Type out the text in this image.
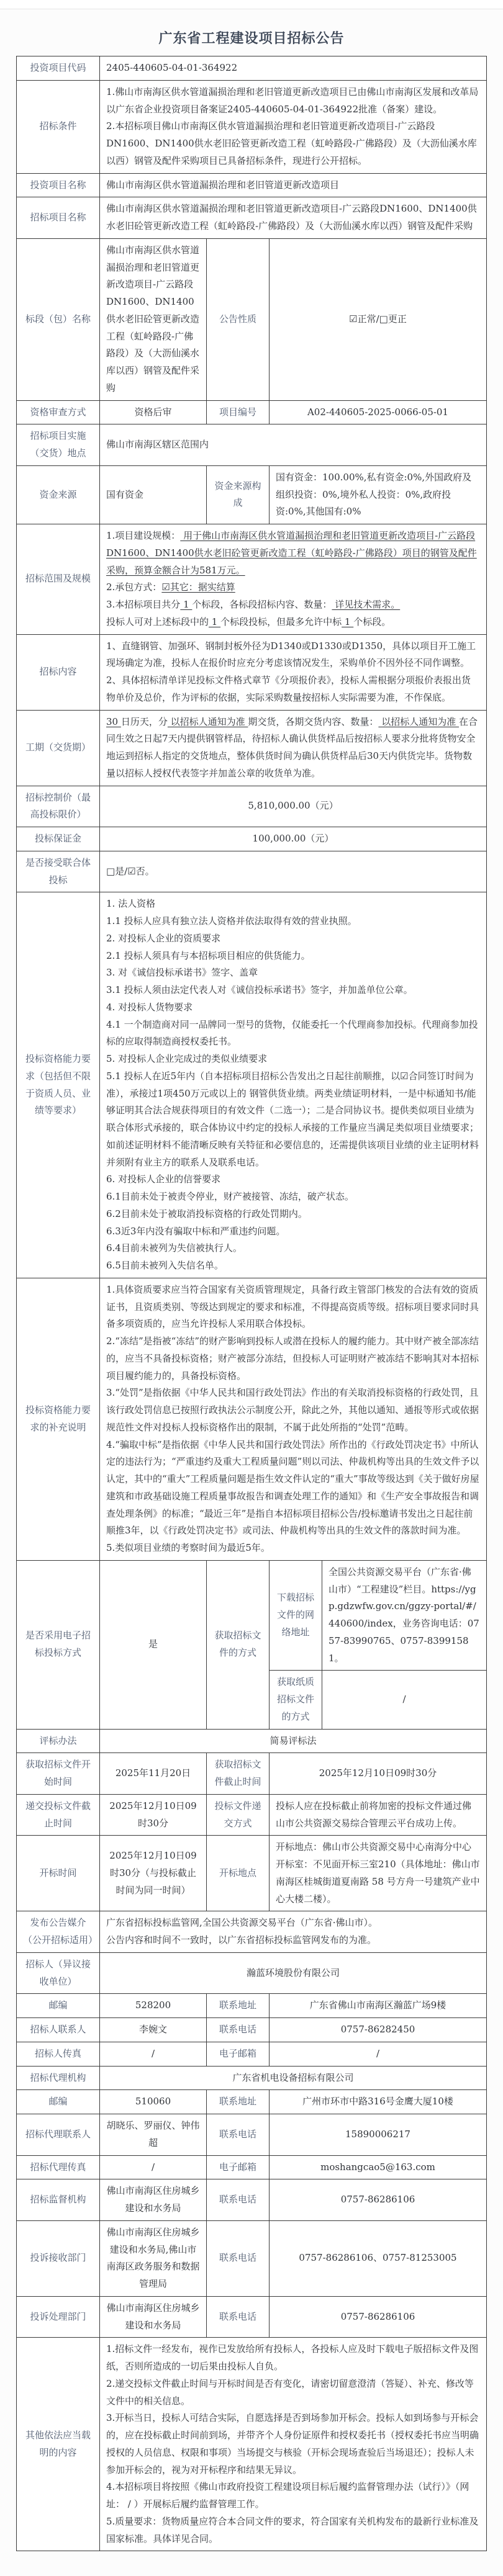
广东省工程建设项目招标公告
投资项目代码	2405-440605-04-01-364922			
招标条件	1.佛山市南海区供水管道漏损治理和老旧管道更新改造项目已由佛山市南海区发展和改革局以广东省企业投资项目备案证2405-440605-04-01-364922批准（备案）建设。
2.本招标项目佛山市南海区供水管道漏损治理和老旧管道更新改造项目-广云路段DN1600、DN1400供水老旧砼管更新改造工程（虹岭路段-广佛路段）及（大沥仙溪水库以西）钢管及配件采购项目已具备招标条件，现进行公开招标。			

投资项目名称	佛山市南海区供水管道漏损治理和老旧管道更新改造项目			
招标项目名称	佛山市南海区供水管道漏损治理和老旧管道更新改造项目-广云路段DN1600、DN1400供水老旧砼管更新改造工程（虹岭路段-广佛路段）及（大沥仙溪水库以西）钢管及配件采购			
标段（包）名称	佛山市南海区供水管道漏损治理和老旧管道更新改造项目-广云路段DN1600、DN1400供水老旧砼管更新改造工程（虹岭路段-广佛路段）及（大沥仙溪水库以西）钢管及配件采购	公告性质	☑正常/□更正	
资格审查方式	资格后审	项目编号	A02-440605-2025-0066-05-01	
招标项目实施（交货）地点	佛山市南海区辖区范围内			
资金来源	国有资金	资金来源构成	国有资金：100.00%,私有资金:0%,外国政府及组织投资：0%,境外私人投资：0%,政府投资:0%,其他国有:0%	
招标范围及规模	1.项目建设规模： 用于佛山市南海区供水管道漏损治理和老旧管道更新改造项目-广云路段DN1600、DN1400供水老旧砼管更新改造工程（虹岭路段-广佛路段）项目的钢管及配件采购，预算金额合计为581万元。
2.承包方式：☑其它：据实结算
3.本招标项目共分 1 个标段，各标段招标内容、数量： 详见技术需求。
投标人可对上述标段中的 1 个标段投标，但最多允许中标 1 个标段。			

招标内容	1、直缝钢管、加强环、钢制封板外径为D1340或D1330或D1350，具体以项目开工施工现场确定为准，投标人在报价时应充分考虑该情况发生，采购单价不因外径不同作调整。
2、具体招标清单详见投标文件格式章节《分项报价表》，投标人需根据分项报价表报出货物单价及总价，作为评标的依据，实际采购数量按招标人实际需要为准，不作保底。			

工期（交货期）	30 日历天，分 以招标人通知为准 期交货，各期交货内容、数量： 以招标人通知为准 在合同生效之日起7天内提供钢管样品，待招标人确认供货样品后按招标人要求分批将货物安全地运到招标人指定的交货地点，整体供货时间为确认供货样品后30天内供货完毕。货物数量以招标人授权代表签字并加盖公章的收货单为准。			

招标控制价（最高投标限价）	5,810,000.00（元）			
投标保证金	100,000.00（元）			
是否接受联合体投标	□是/☑否。			
投标资格能力要求（包括但不限于资质人员、业绩等要求）	
1. 法人资格
1.1 投标人应具有独立法人资格并依法取得有效的营业执照。
2. 对投标人企业的资质要求
2.1 投标人须具有与本招标项目相应的供货能力。
3. 对《诚信投标承诺书》签字、盖章
3.1 投标人须由法定代表人对《诚信投标承诺书》签字，并加盖单位公章。
4. 对投标人货物要求
4.1 一个制造商对同一品牌同一型号的货物，仅能委托一个代理商参加投标。代理商参加投标的应取得制造商授权委托书。
5. 对投标人企业完成过的类似业绩要求
5.1 投标人在近5年内（自本招标项目招标公告发出之日起往前顺推，以☑合同签订时间为准），承接过1项450万元或以上的 钢管供货业绩。两类业绩证明材料，一是中标通知书/能够证明其合法合规获得项目的有效文件（二选一）；二是合同协议书。提供类似项目业绩为联合体形式承接的，联合体协议中约定的投标人承接的工作量应当满足类似项目业绩要求；如前述证明材料不能清晰反映有关特征和必要信息的，还需提供该项目业绩的业主证明材料并须附有业主方的联系人及联系电话。
6. 对投标人企业的信誉要求
6.1目前未处于被责令停业，财产被接管、冻结，破产状态。
6.2目前未处于被取消投标资格的行政处罚期内。
6.3近3年内没有骗取中标和严重违约问题。
6.4目前未被列为失信被执行人。
6.5目前未被列入失信名单。

投标资格能力要求的补充说明	1.具体资质要求应当符合国家有关资质管理规定，具备行政主管部门核发的合法有效的资质证书，且资质类别、等级达到规定的要求和标准，不得提高资质等级。招标项目要求同时具备多项资质的，应当允许投标人采用联合体投标。
2.“冻结”是指被“冻结”的财产影响到投标人或潜在投标人的履约能力。其中财产被全部冻结的，应当不具备投标资格；财产被部分冻结，但投标人可证明财产被冻结不影响其对本招标项目履约能力的，具备投标资格。
3.“处罚”是指依据《中华人民共和国行政处罚法》作出的有关取消投标资格的行政处罚，且该行政处罚信息已按照行政执法公示制度公开，除此之外，其他以通知、通报等形式或依据规范性文件对投标人投标资格作出的限制，不属于此处所指的“处罚”范畴。
4.“骗取中标”是指依据《中华人民共和国行政处罚法》所作出的《行政处罚决定书》中所认定的违法行为；“严重违约及重大工程质量问题”则以司法、仲裁机构等出具的生效文件予以认定，其中的“重大”工程质量问题是指生效文件认定的“重大”事故等级达到《关于做好房屋建筑和市政基础设施工程质量事故报告和调查处理工作的通知》和《生产安全事故报告和调查处理条例》的标准；“最近三年”是指自本招标项目招标公告/投标邀请书发出之日起往前顺推3年，以《行政处罚决定书》或司法、仲裁机构等出具的生效文件的落款时间为准。
5.类似项目业绩的考察时间为最近5年。			

是否采用电子招标投标方式	是	获取招标文件的方式	下载招标文件的网络地址	全国公共资源交易平台（广东省·佛山市）“工程建设”栏目。https://ygp.gdzwfw.gov.cn/ggzy-portal/#/440600/index，业务咨询电话：0757-83990765、0757-83991581。
			获取纸质招标文件的方式	/
评标办法	简易评标法			
获取招标文件开始时间	2025年11月20日	获取招标文件截止时间	2025年12月10日09时30分	
递交投标文件截止时间	2025年12月10日09时30分	投标文件递交方式	投标人应在投标截止前将加密的投标文件通过佛山市公共资源交易综合管理云平台成功上传。	
开标时间	2025年12月10日09时30分（与投标截止时间为同一时间）	开标地点	开标地点：佛山市公共资源交易中心南海分中心开标室：不见面开标三室210（具体地址：佛山市南海区桂城街道夏南路 58 号方舟一号建筑产业中心大楼二楼）。	
发布公告媒介（公开招标适用）	广东省招标投标监管网,全国公共资源交易平台（广东省·佛山市）。
公告内容和时间不一致时，以广东省招标投标监管网发布的为准。			

招标人（异议接收单位）	瀚蓝环境股份有限公司			
邮编	528200	联系地址	广东省佛山市南海区瀚蓝广场9楼	
招标人联系人	李婉文	联系电话	0757-86282450	
招标人传真	/	电子邮箱	/	
招标代理机构	广东省机电设备招标有限公司			
邮编	510060	联系地址	广州市环市中路316号金鹰大厦10楼	
招标代理联系人	胡晓乐、罗丽仪、钟伟超	联系电话	15890006217	
招标代理传真	/	电子邮箱	moshangcao5@163.com	
招标监督机构	佛山市南海区住房城乡建设和水务局	联系电话	0757-86286106	
投诉接收部门	佛山市南海区住房城乡建设和水务局,佛山市南海区政务服务和数据管理局	联系电话	0757-86286106、0757-81253005	
投诉处理部门	佛山市南海区住房城乡建设和水务局	联系电话	0757-86286106	
其他依法应当载明的内容	1.招标文件一经发布，视作已发放给所有投标人，各投标人应及时下载电子版招标文件及图纸，否则所造成的一切后果由投标人自负。
2.递交投标文件截止时间与开标时间是否有变化，请密切留意澄清（答疑）、补充、修改等文件中的相关信息。
3.开标当日，投标人可结合实际，自愿选择是否到场参加开标会。投标人如到场参与开标会的，应在投标截止时间前到场，并带齐个人身份证原件和授权委托书（授权委托书应当明确授权的人员信息、权限和事项）当场提交与核验（开标会现场查验后当场退还）；投标人未参加开标会的，视为对开标程序和结果无异议。
4.本招标项目将按照《佛山市政府投资工程建设项目标后履约监督管理办法（试行）》（网址： / ）开展标后履约监督管理工作。
5.质量要求：货物质量应符合本合同文件的要求，符合国家有关机构发布的最新行业标准及国家标准。具体详见合同。			
